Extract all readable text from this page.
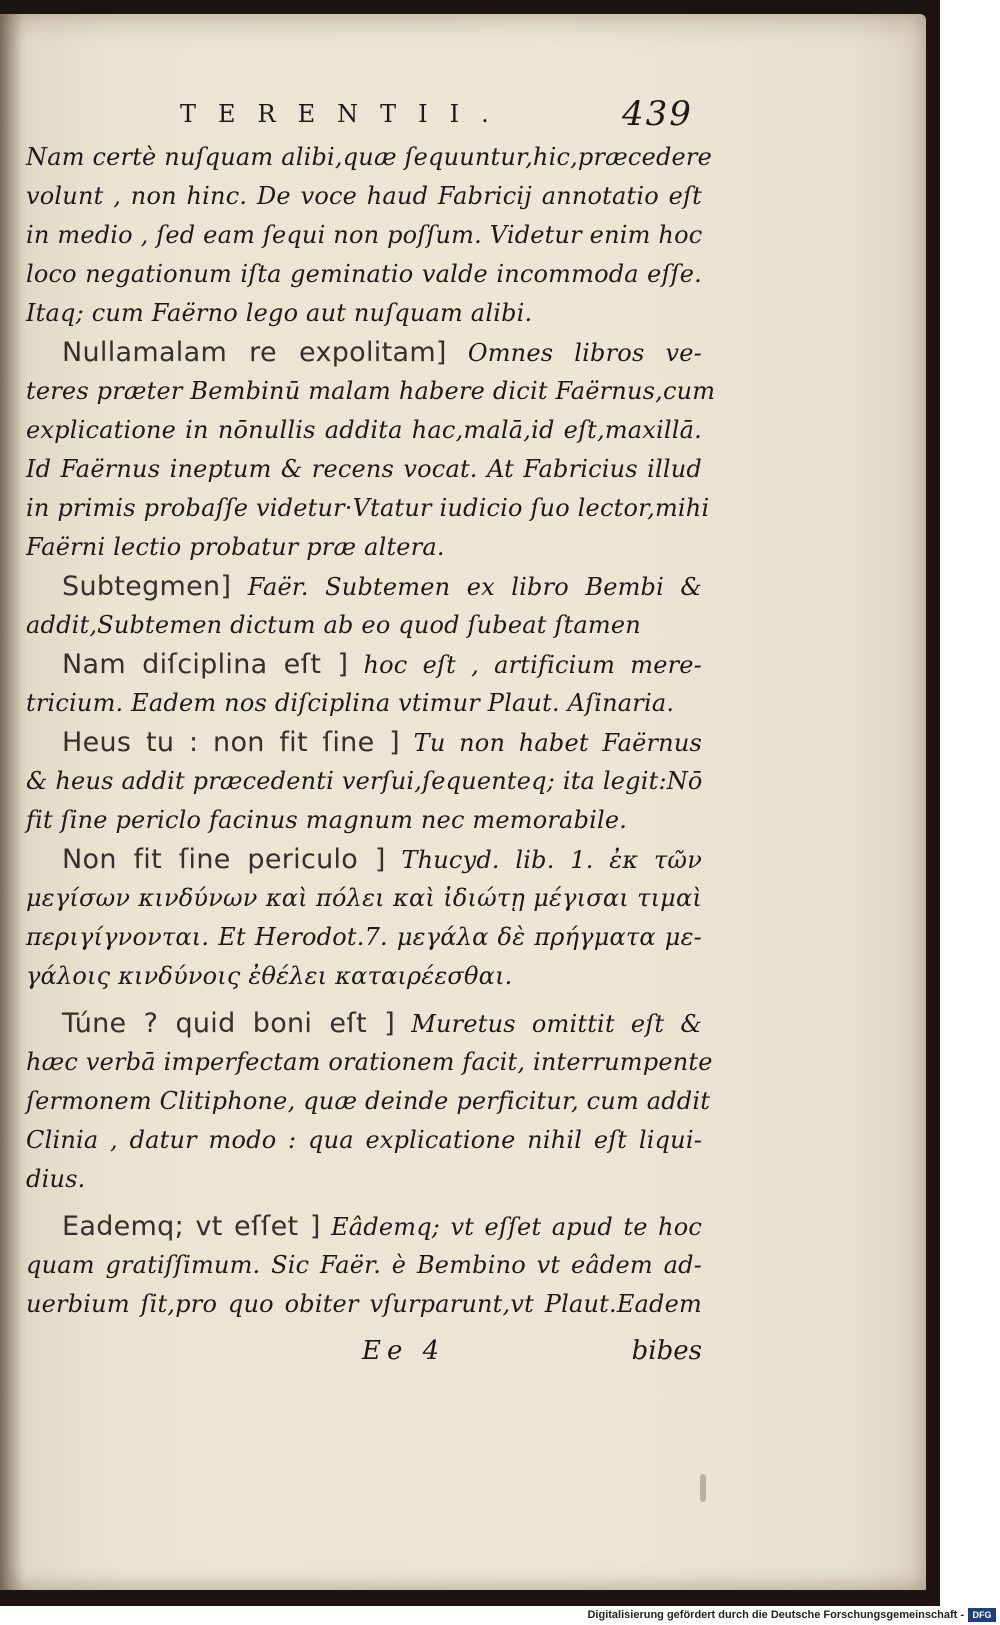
TERENTII.	439
Nam certè nuſquam alibi,quæ ſequuntur,hic,præcedere
volunt , non hinc. De voce haud Fabricij annotatio eſt
in medio , ſed eam ſequi non poſſum. Videtur enim hoc
loco negationum iſta geminatio valde incommoda eſſe.
Itaq; cum Faërno lego aut nuſquam alibi.
Nullamalam re expolitam] Omnes libros ve-
teres præter Bembinū malam habere dicit Faërnus,cum
explicatione in nōnullis addita hac,malā,id eſt,maxillā.
Id Faërnus ineptum & recens vocat. At Fabricius illud
in primis probaſſe videtur·Vtatur iudicio ſuo lector,mihi
Faërni lectio probatur præ altera.
Subtegmen] Faër. Subtemen ex libro Bembi &
addit,Subtemen dictum ab eo quod ſubeat ſtamen
Nam diſciplina eſt ] hoc eſt , artificium mere-
tricium. Eadem nos diſciplina vtimur Plaut. Aſinaria.
Heus tu : non fit ſine ] Tu non habet Faërnus
& heus addit præcedenti verſui,ſequenteq; ita legit:Nō
fit ſine periclo facinus magnum nec memorabile.
Non fit ſine periculo ] Thucyd. lib. 1. ἐκ τῶν
μεγίσων κινδύνων καὶ πόλει καὶ ἰδιώτῃ μέγισαι τιμαὶ
περιγίγνονται. Et Herodot.7. μεγάλα δὲ πρήγματα με-
γάλοις κινδύνοις ἐθέλει καταιρέεσθαι.
Túne ? quid boni eſt ] Muretus omittit eſt &
hæc verbā imperfectam orationem facit, interrumpente
ſermonem Clitiphone, quæ deinde perficitur, cum addit
Clinia , datur modo : qua explicatione nihil eſt liqui-
dius.
Eademq; vt eſſet ] Eâdemq; vt eſſet apud te hoc
quam gratiſſimum. Sic Faër. è Bembino vt eâdem ad-
uerbium ſit,pro quo obiter vſurparunt,vt Plaut.Eadem
Ee 4	bibes
Digitalisierung gefördert durch die Deutsche Forschungsgemeinschaft - DFG
